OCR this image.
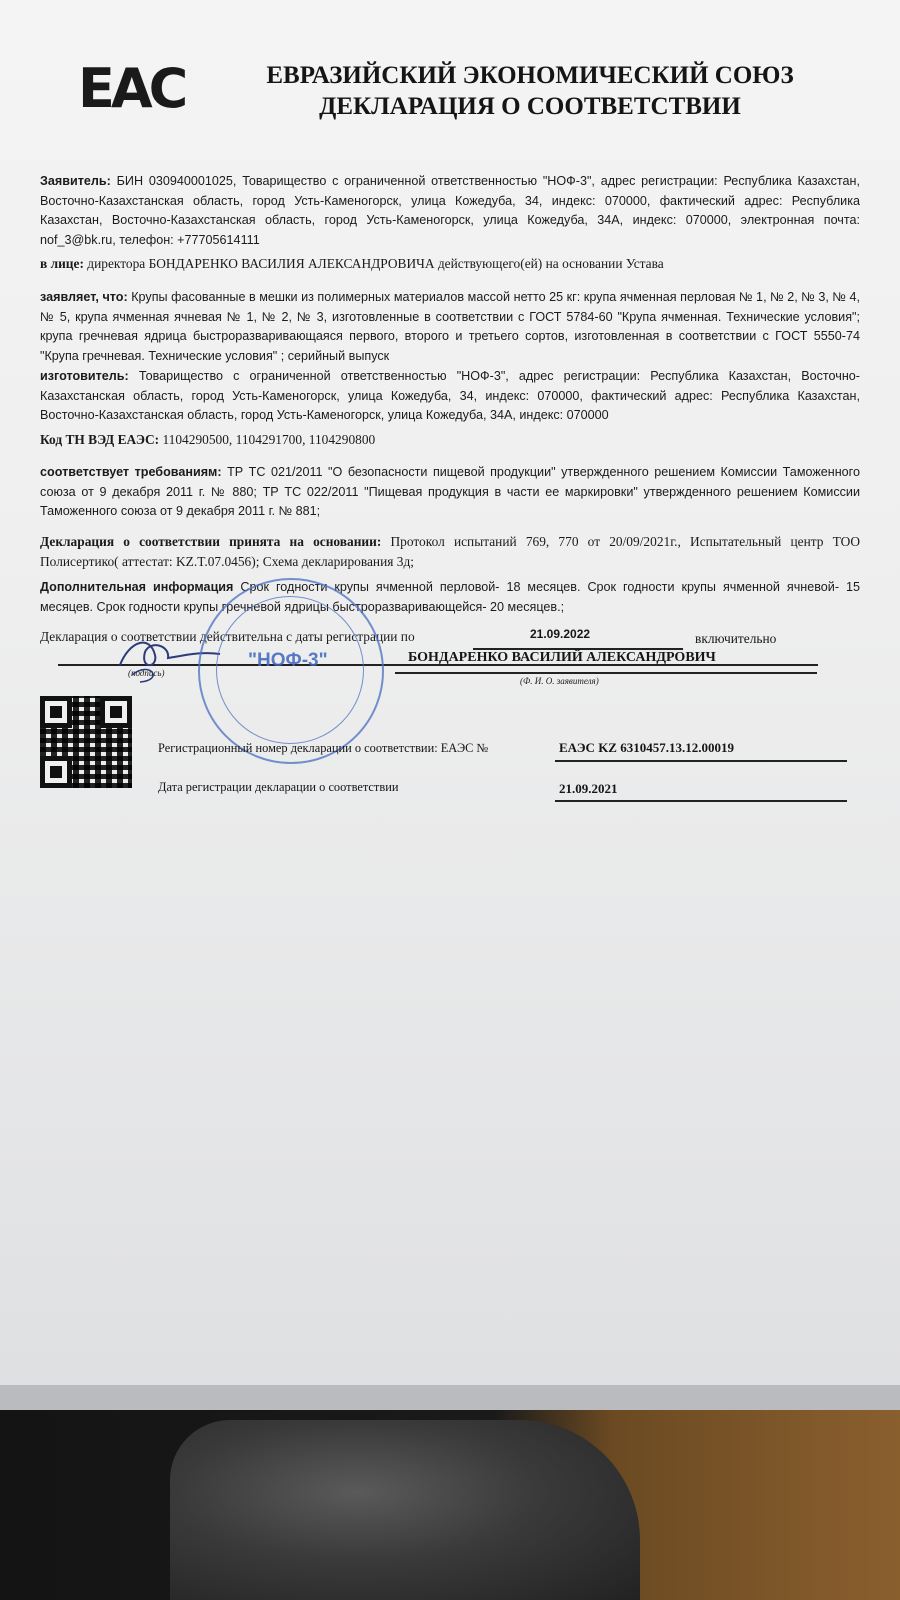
EAC	ЕВРАЗИЙСКИЙ ЭКОНОМИЧЕСКИЙ СОЮЗ
ДЕКЛАРАЦИЯ О СООТВЕТСТВИИ
Заявитель: БИН 030940001025, Товарищество с ограниченной ответственностью "НОФ-3", адрес регистрации: Республика Казахстан, Восточно-Казахстанская область, город Усть-Каменогорск, улица Кожедуба, 34, индекс: 070000, фактический адрес: Республика Казахстан, Восточно-Казахстанская область, город Усть-Каменогорск, улица Кожедуба, 34А, индекс: 070000, электронная почта: nof_3@bk.ru, телефон: +77705614111
в лице: директора БОНДАРЕНКО ВАСИЛИЯ АЛЕКСАНДРОВИЧА действующего(ей) на основании Устава
заявляет, что: Крупы фасованные в мешки из полимерных материалов массой нетто 25 кг: крупа ячменная перловая № 1, № 2, № 3, № 4, № 5, крупа ячменная ячневая № 1, № 2, № 3, изготовленные в соответствии с ГОСТ 5784-60 "Крупа ячменная. Технические условия"; крупа гречневая ядрица быстроразваривающаяся первого, второго и третьего сортов, изготовленная в соответствии с ГОСТ 5550-74 "Крупа гречневая. Технические условия" ; серийный выпуск
изготовитель: Товарищество с ограниченной ответственностью "НОФ-3", адрес регистрации: Республика Казахстан, Восточно-Казахстанская область, город Усть-Каменогорск, улица Кожедуба, 34, индекс: 070000, фактический адрес: Республика Казахстан, Восточно-Казахстанская область, город Усть-Каменогорск, улица Кожедуба, 34А, индекс: 070000
Код ТН ВЭД ЕАЭС: 1104290500, 1104291700, 1104290800
соответствует требованиям: ТР ТС 021/2011 "О безопасности пищевой продукции" утвержденного решением Комиссии Таможенного союза от 9 декабря 2011 г. № 880; ТР ТС 022/2011 "Пищевая продукция в части ее маркировки" утвержденного решением Комиссии Таможенного союза от 9 декабря 2011 г. № 881;
Декларация о соответствии принята на основании: Протокол испытаний 769, 770 от 20/09/2021г., Испытательный центр ТОО Полисертико( аттестат: KZ.T.07.0456); Схема декларирования 3д;
Дополнительная информация Срок годности крупы ячменной перловой- 18 месяцев. Срок годности крупы ячменной ячневой- 15 месяцев. Срок годности крупы гречневой ядрицы быстроразваривающейся- 20 месяцев.;
Декларация о соответствии действительна с даты регистрации по	21.09.2022	включительно
(подпись)
БОНДАРЕНКО ВАСИЛИЙ АЛЕКСАНДРОВИЧ
(Ф. И. О. заявителя)
"НОФ-3"
Регистрационный номер декларации о соответствии: ЕАЭС №	ЕАЭС KZ 6310457.13.12.00019
Дата регистрации декларации о соответствии	21.09.2021
